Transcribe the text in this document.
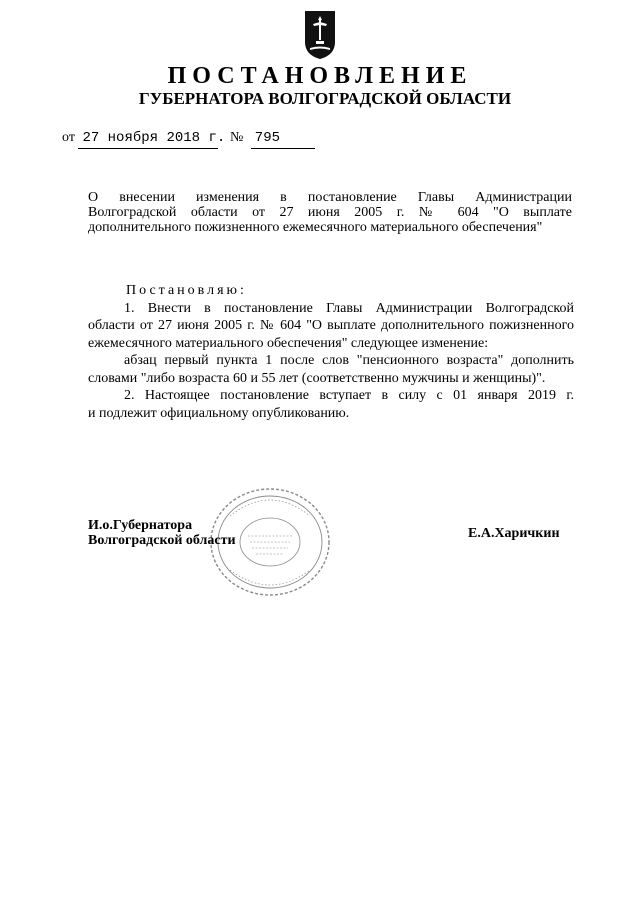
ПОСТАНОВЛЕНИЕ
ГУБЕРНАТОРА ВОЛГОГРАДСКОЙ ОБЛАСТИ
от 27 ноября 2018 г. № 795

О внесении изменения в постановление Главы Администрации

Волгоградской области от 27 июня 2005 г. № 604 "О выплате

дополнительного пожизненного ежемесячного материального обеспечения"

Постановляю:

1. Внести в постановление Главы Администрации Волгоградской

области от 27 июня 2005 г. № 604 "О выплате дополнительного пожизненного ежемесячного материального обеспечения" следующее изменение:

абзац первый пункта 1 после слов "пенсионного возраста" дополнить

словами "либо возраста 60 и 55 лет (соответственно мужчины и женщины)".

2. Настоящее постановление вступает в силу с 01 января 2019 г.

и подлежит официальному опубликованию.

И.о.Губернатора
Волгоградской области	Е.А.Харичкин
